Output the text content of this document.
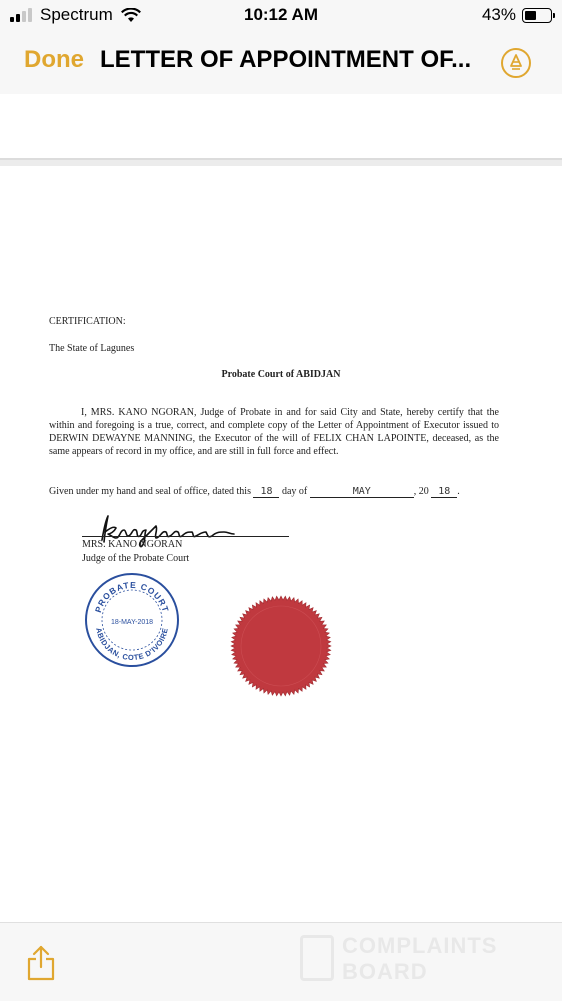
Spectrum	10:12 AM	43%
Done LETTER OF APPOINTMENT OF...
CERTIFICATION:
The State of Lagunes
Probate Court of ABIDJAN
I, MRS. KANO NGORAN, Judge of Probate in and for said City and State, hereby certify that the within and foregoing is a true, correct, and complete copy of the Letter of Appointment of Executor issued to DERWIN DEWAYNE MANNING, the Executor of the will of FELIX CHAN LAPOINTE, deceased, as the same appears of record in my office, and are still in full force and effect.
Given under my hand and seal of office, dated this 18 day of	MAY	, 20 18 .
MRS. KANO NGORAN
Judge of the Probate Court
PROBATE COURT
18-MAY-2018
ABIDJAN, COTE D'IVOIRE
COMPLAINTS
BOARD
